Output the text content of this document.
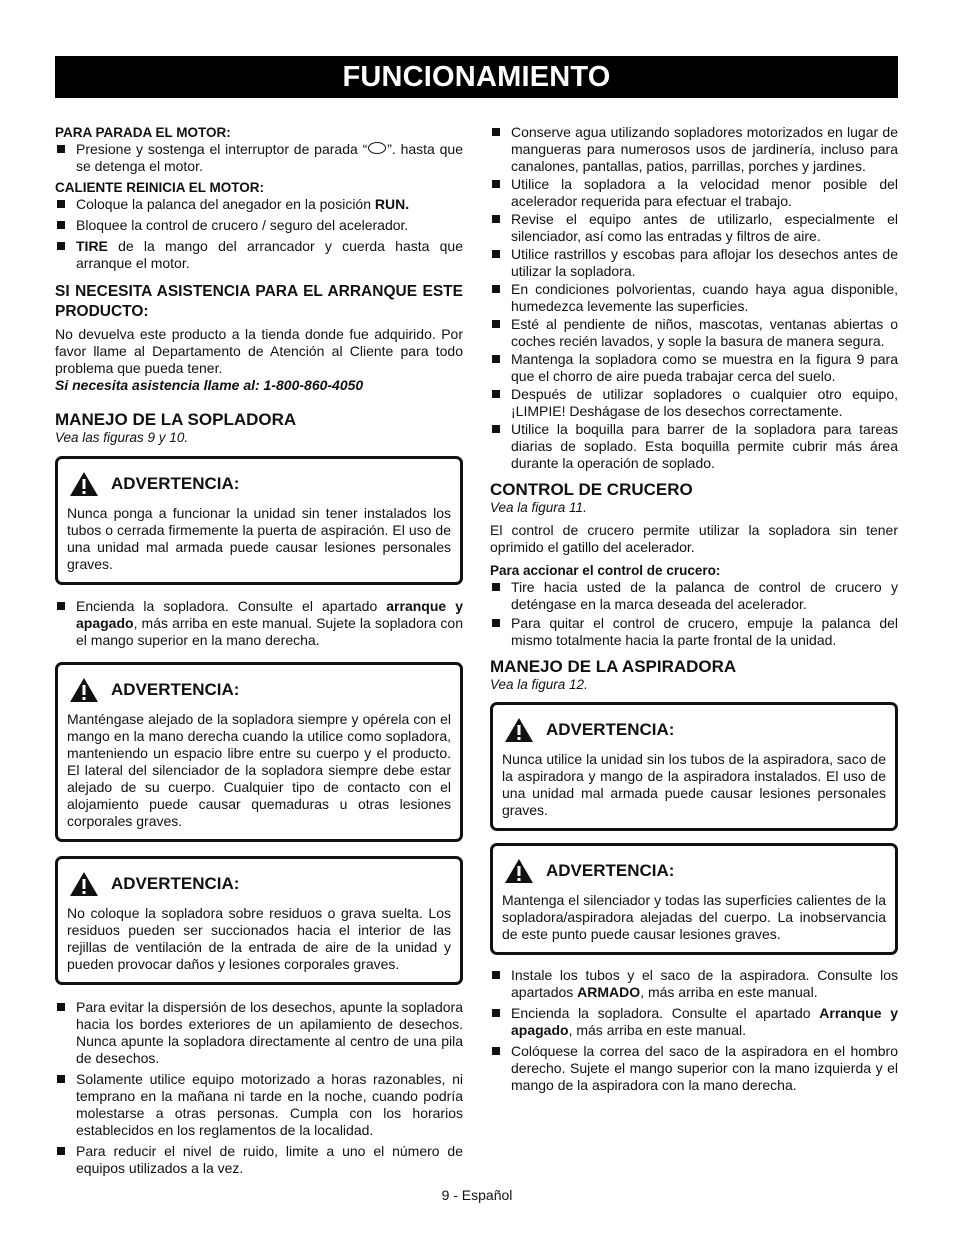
FUNCIONAMIENTO

PARA PARADA EL MOTOR:

Presione y sostenga el interruptor de parada “ ”. hasta que se detenga el motor.

CALIENTE REINICIA EL MOTOR:

Coloque la palanca del anegador en la posición RUN.
Bloquee la control de crucero / seguro del acelerador.
TIRE de la mango del arrancador y cuerda hasta que arranque el motor.

SI NECESITA ASISTENCIA PARA EL ARRANQUE ESTE PRODUCTO:

No devuelva este producto a la tienda donde fue adquirido. Por favor llame al Departamento de Atención al Cliente para todo problema que pueda tener.

Si necesita asistencia llame al: 1-800-860-4050

MANEJO DE LA SOPLADORA

Vea las figuras 9 y 10.

ADVERTENCIA:

Nunca ponga a funcionar la unidad sin tener instalados los tubos o cerrada firmemente la puerta de aspiración. El uso de una unidad mal armada puede causar lesiones personales graves.

Encienda la sopladora. Consulte el apartado arranque y apagado, más arriba en este manual. Sujete la sopladora con el mango superior en la mano derecha.
ADVERTENCIA:

Manténgase alejado de la sopladora siempre y opérela con el mango en la mano derecha cuando la utilice como sopladora, manteniendo un espacio libre entre su cuerpo y el producto. El lateral del silenciador de la sopladora siempre debe estar alejado de su cuerpo. Cualquier tipo de contacto con el alojamiento puede causar quemaduras u otras lesiones corporales graves.

ADVERTENCIA:

No coloque la sopladora sobre residuos o grava suelta. Los residuos pueden ser succionados hacia el interior de las rejillas de ventilación de la entrada de aire de la unidad y pueden provocar daños y lesiones corporales graves.

Para evitar la dispersión de los desechos, apunte la sopladora hacia los bordes exteriores de un apilamiento de desechos. Nunca apunte la sopladora directamente al centro de una pila de desechos.
Solamente utilice equipo motorizado a horas razonables, ni temprano en la mañana ni tarde en la noche, cuando podría molestarse a otras personas. Cumpla con los horarios establecidos en los reglamentos de la localidad.
Para reducir el nivel de ruido, limite a uno el número de equipos utilizados a la vez.
Conserve agua utilizando sopladores motorizados en lugar de mangueras para numerosos usos de jardinería, incluso para canalones, pantallas, patios, parrillas, porches y jardines.
Utilice la sopladora a la velocidad menor posible del acelerador requerida para efectuar el trabajo.
Revise el equipo antes de utilizarlo, especialmente el silenciador, así como las entradas y filtros de aire.
Utilice rastrillos y escobas para aflojar los desechos antes de utilizar la sopladora.
En condiciones polvorientas, cuando haya agua disponible, humedezca levemente las superficies.
Esté al pendiente de niños, mascotas, ventanas abiertas o coches recién lavados, y sople la basura de manera segura.
Mantenga la sopladora como se muestra en la figura 9 para que el chorro de aire pueda trabajar cerca del suelo.
Después de utilizar sopladores o cualquier otro equipo, ¡LIMPIE! Deshágase de los desechos correctamente.
Utilice la boquilla para barrer de la sopladora para tareas diarias de soplado. Esta boquilla permite cubrir más área durante la operación de soplado.

CONTROL DE CRUCERO

Vea la figura 11.

El control de crucero permite utilizar la sopladora sin tener oprimido el gatillo del acelerador.

Para accionar el control de crucero:

Tire hacia usted de la palanca de control de crucero y deténgase en la marca deseada del acelerador.
Para quitar el control de crucero, empuje la palanca del mismo totalmente hacia la parte frontal de la unidad.

MANEJO DE LA ASPIRADORA

Vea la figura 12.

ADVERTENCIA:

Nunca utilice la unidad sin los tubos de la aspiradora, saco de la aspiradora y mango de la aspiradora instalados. El uso de una unidad mal armada puede causar lesiones personales graves.

ADVERTENCIA:

Mantenga el silenciador y todas las superficies calientes de la sopladora/aspiradora alejadas del cuerpo. La inobservancia de este punto puede causar lesiones graves.

Instale los tubos y el saco de la aspiradora. Consulte los apartados ARMADO, más arriba en este manual.
Encienda la sopladora. Consulte el apartado Arranque y apagado, más arriba en este manual.
Colóquese la correa del saco de la aspiradora en el hombro derecho. Sujete el mango superior con la mano izquierda y el mango de la aspiradora con la mano derecha.
9 - Español
